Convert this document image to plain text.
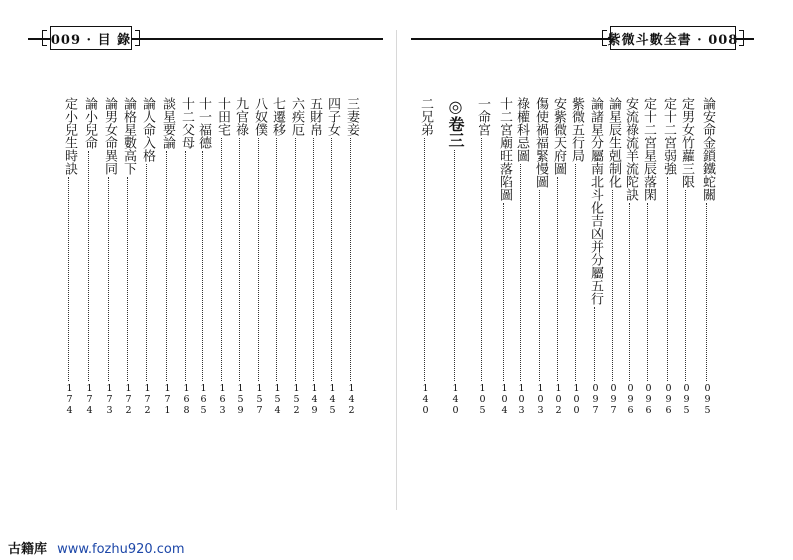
009 · 目 錄	紫微斗數全書 · 008
論安命金鎖鐵蛇關
095
定男女竹蘿三限
095
定十二宮弱強
096
定十二宮星辰落閑
096
安流祿流羊流陀訣
096
論星辰生剋制化
097
論諸星分屬南北斗化吉凶并分屬五行
097
紫微五行局
100
安紫微天府圖
102
傷使禍福緊慢圖
103
祿權科忌圖
103
十二宮廟旺落陷圖
104
一命宮
105
◎卷三
140
二兄弟
140
三妻妾
142
四子女
145
五財帛
149
六疾厄
152
七遷移
154
八奴僕
157
九官祿
159
十田宅
163
十一福德
165
十二父母
168
談星要論
171
論人命入格
172
論格星數高下
172
論男女命異同
173
論小兒命
174
定小兒生時訣
174
古籍库 www.fozhu920.com
